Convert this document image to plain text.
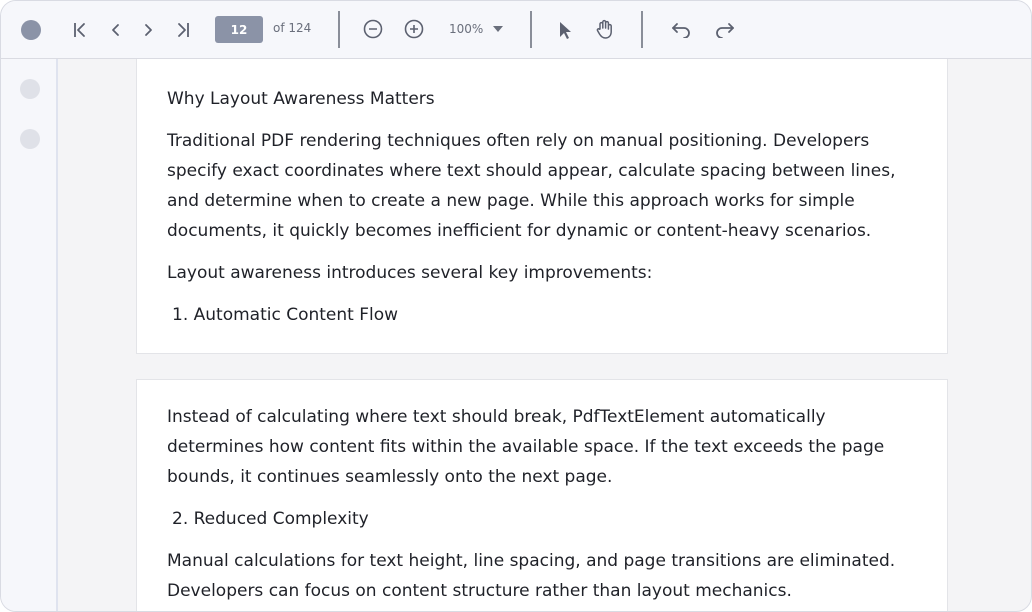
12	of 124	100%

Why Layout Awareness Matters

Traditional PDF rendering techniques often rely on manual positioning. Developers specify exact coordinates where text should appear, calculate spacing between lines, and determine when to create a new page. While this approach works for simple documents, it quickly becomes inefficient for dynamic or content-heavy scenarios.

Layout awareness introduces several key improvements:

1. Automatic Content Flow

Instead of calculating where text should break, PdfTextElement automatically determines how content fits within the available space. If the text exceeds the page bounds, it continues seamlessly onto the next page.

2. Reduced Complexity

Manual calculations for text height, line spacing, and page transitions are eliminated. Developers can focus on content structure rather than layout mechanics.
